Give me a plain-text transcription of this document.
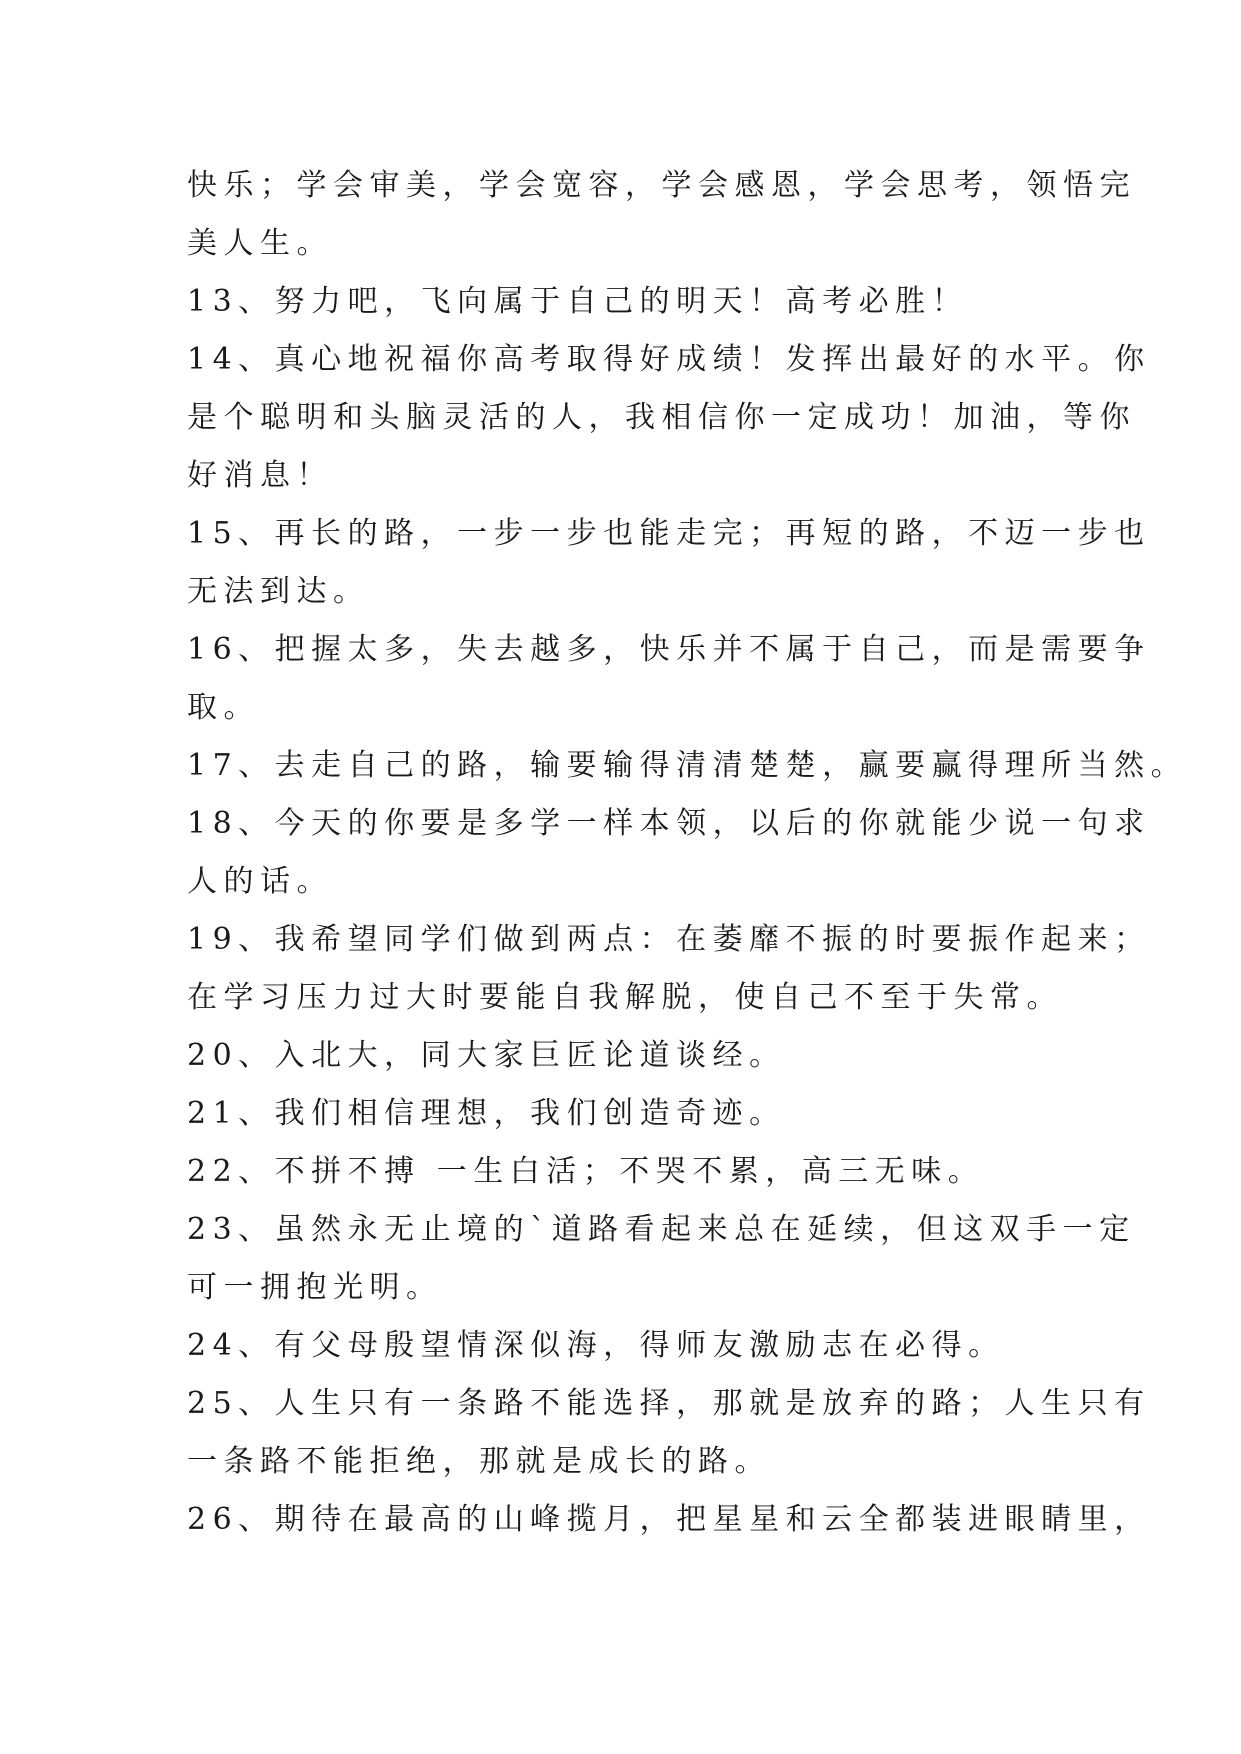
快乐；学会审美，学会宽容，学会感恩，学会思考，领悟完
美人生。
13、努力吧，飞向属于自己的明天！高考必胜！
14、真心地祝福你高考取得好成绩！发挥出最好的水平。你
是个聪明和头脑灵活的人，我相信你一定成功！加油，等你
好消息！
15、再长的路，一步一步也能走完；再短的路，不迈一步也
无法到达。
16、把握太多，失去越多，快乐并不属于自己，而是需要争
取。
17、去走自己的路，输要输得清清楚楚，赢要赢得理所当然。
18、今天的你要是多学一样本领，以后的你就能少说一句求
人的话。
19、我希望同学们做到两点：在萎靡不振的时要振作起来；
在学习压力过大时要能自我解脱，使自己不至于失常。
20、入北大，同大家巨匠论道谈经。
21、我们相信理想，我们创造奇迹。
22、不拼不搏 一生白活；不哭不累，高三无味。
23、虽然永无止境的`道路看起来总在延续，但这双手一定
可一拥抱光明。
24、有父母殷望情深似海，得师友激励志在必得。
25、人生只有一条路不能选择，那就是放弃的路；人生只有
一条路不能拒绝，那就是成长的路。
26、期待在最高的山峰揽月，把星星和云全都装进眼睛里，
